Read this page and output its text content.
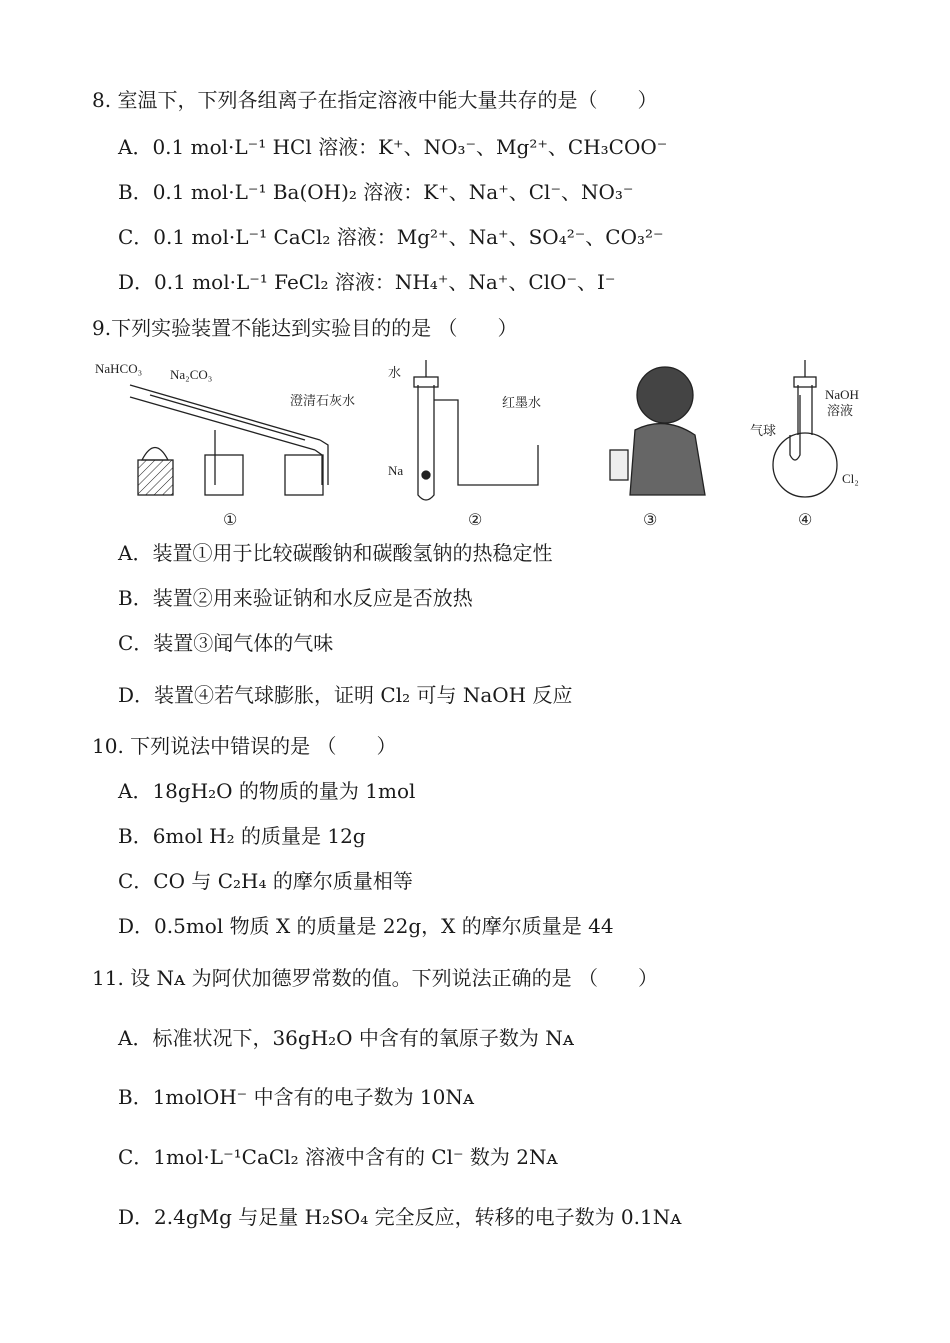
8. 室温下，下列各组离子在指定溶液中能大量共存的是（　　）
A．0.1 mol·L⁻¹ HCl 溶液：K⁺、NO₃⁻、Mg²⁺、CH₃COO⁻
B．0.1 mol·L⁻¹ Ba(OH)₂ 溶液：K⁺、Na⁺、Cl⁻、NO₃⁻
C．0.1 mol·L⁻¹ CaCl₂ 溶液：Mg²⁺、Na⁺、SO₄²⁻、CO₃²⁻
D．0.1 mol·L⁻¹ FeCl₂ 溶液：NH₄⁺、Na⁺、ClO⁻、I⁻
9.下列实验装置不能达到实验目的的是 （　　）
NaHCO₃ Na₂CO₃
澄清石灰水
①
水
Na
红墨水
②	③
NaOH
溶液
气球
Cl₂
④
A．装置①用于比较碳酸钠和碳酸氢钠的热稳定性
B．装置②用来验证钠和水反应是否放热
C．装置③闻气体的气味
D．装置④若气球膨胀，证明 Cl₂ 可与 NaOH 反应
10. 下列说法中错误的是 （　　）
A．18gH₂O 的物质的量为 1mol
B．6mol H₂ 的质量是 12g
C．CO 与 C₂H₄ 的摩尔质量相等
D．0.5mol 物质 X 的质量是 22g，X 的摩尔质量是 44
11. 设 Nᴀ 为阿伏加德罗常数的值。下列说法正确的是 （　　）
A．标准状况下，36gH₂O 中含有的氧原子数为 Nᴀ
B．1molOH⁻ 中含有的电子数为 10Nᴀ
C．1mol·L⁻¹CaCl₂ 溶液中含有的 Cl⁻ 数为 2Nᴀ
D．2.4gMg 与足量 H₂SO₄ 完全反应，转移的电子数为 0.1Nᴀ
